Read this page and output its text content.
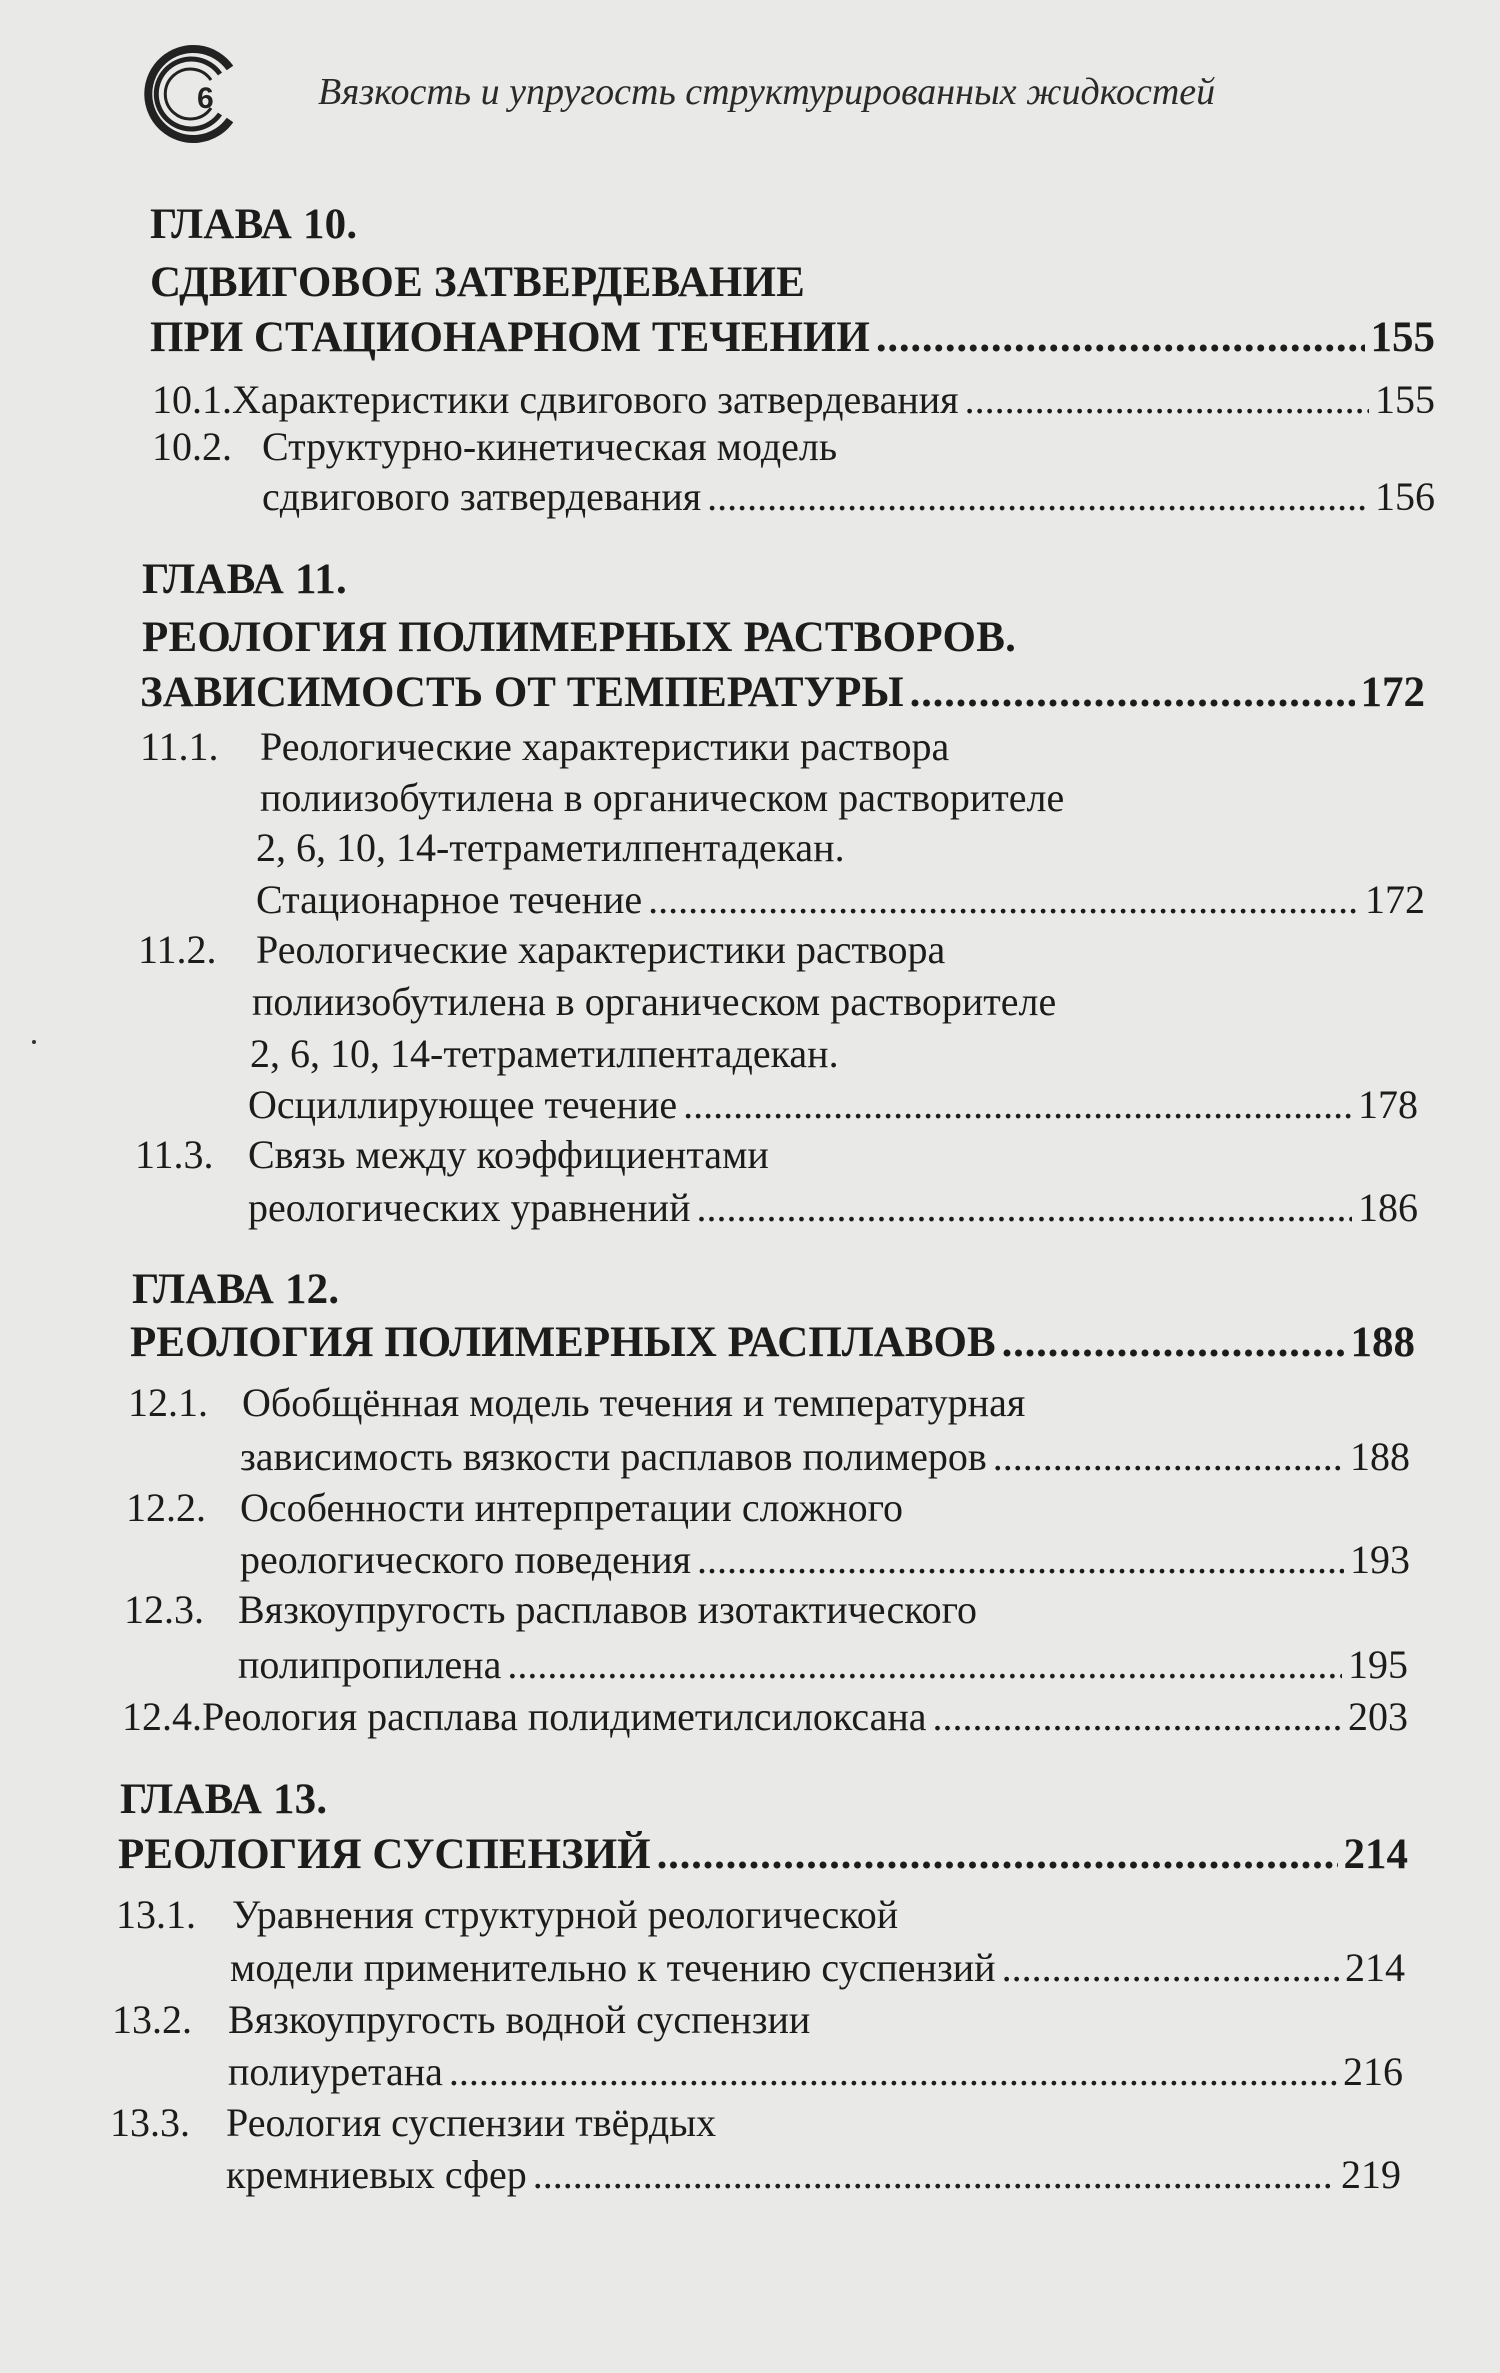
6	Вязкость и упругость структурированных жидкостей
ГЛАВА 10.
СДВИГОВОЕ ЗАТВЕРДЕВАНИЕ
ПРИ СТАЦИОНАРНОМ ТЕЧЕНИИ . . .	155
10.1. Характеристики сдвигового затвердевания . . .	155
10.2. Структурно-кинетическая модель
сдвигового затвердевания . . .	156
ГЛАВА 11.
РЕОЛОГИЯ ПОЛИМЕРНЫХ РАСТВОРОВ.
ЗАВИСИМОСТЬ ОТ ТЕМПЕРАТУРЫ . . .	172
11.1.	Реологические характеристики раствора
полиизобутилена в органическом растворителе
2, 6, 10, 14-тетраметилпентадекан.
Стационарное течение . . .	172
11.2. Реологические характеристики раствора
полиизобутилена в органическом растворителе
2, 6, 10, 14-тетраметилпентадекан.
Осциллирующее течение . . .	178
11.3. Связь между коэффициентами
реологических уравнений . . .	186
ГЛАВА 12.
РЕОЛОГИЯ ПОЛИМЕРНЫХ РАСПЛАВОВ . . .	188
12.1. Обобщённая модель течения и температурная
зависимость вязкости расплавов полимеров . . .	188
12.2. Особенности интерпретации сложного
реологического поведения . . .	193
12.3. Вязкоупругость расплавов изотактического
полипропилена . . .	195
12.4. Реология расплава полидиметилсилоксана . . .	203
ГЛАВА 13.
РЕОЛОГИЯ СУСПЕНЗИЙ . . .	214
13.1. Уравнения структурной реологической
модели применительно к течению суспензий . . .	214
13.2. Вязкоупругость водной суспензии
полиуретана . . .	216
13.3. Реология суспензии твёрдых
кремниевых сфер . . .	219
